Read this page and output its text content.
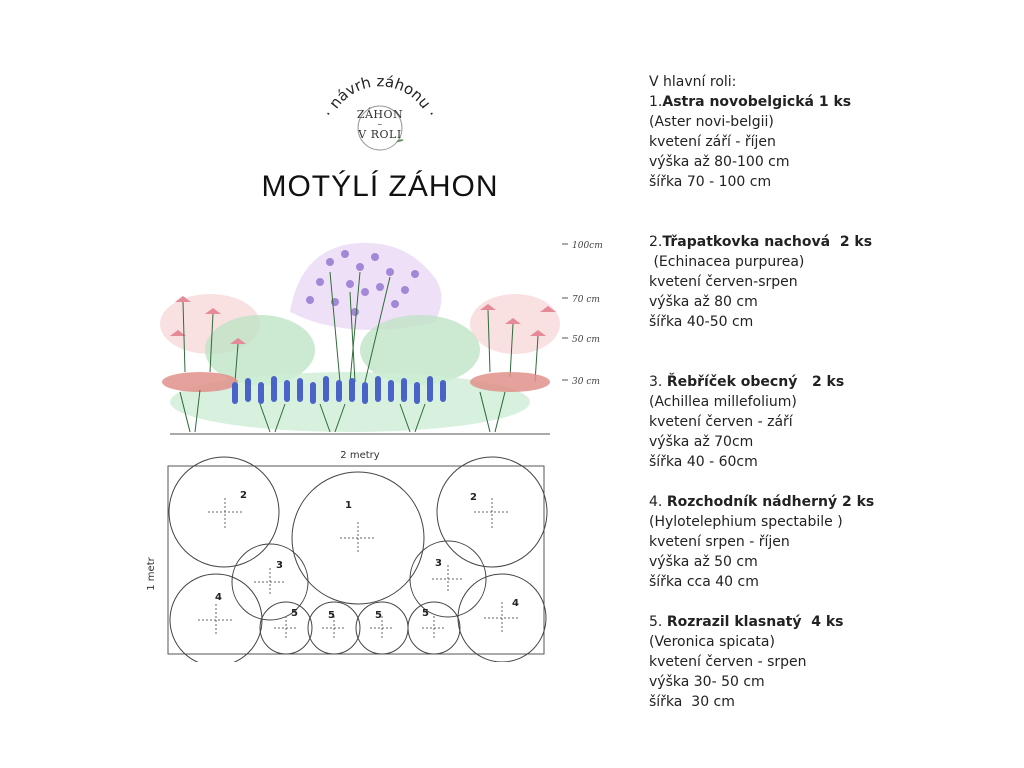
· návrh záhonu ·
ZÁHON
–
V ROLI
MOTÝLÍ ZÁHON
100cm
70 cm
50 cm
30 cm
2 metry
1 metr
2
1
2
3	3
4
4
5	5	5	5

V hlavní roli:

1.Astra novobelgická 1 ks
(Aster novi-belgii)
kvetení září - říjen
výška až 80-100 cm
šířka 70 - 100 cm
2.Třapatkovka nachová  2 ks
(Echinacea purpurea)
kvetení červen-srpen
výška až 80 cm
šířka 40-50 cm
3. Řebříček obecný   2 ks
(Achillea millefolium)
kvetení červen - září
výška až 70cm
šířka 40 - 60cm
4. Rozchodník nádherný 2 ks
(Hylotelephium spectabile )
kvetení srpen - říjen
výška až 50 cm
šířka cca 40 cm
5. Rozrazil klasnatý  4 ks
(Veronica spicata)
kvetení červen - srpen
výška 30- 50 cm
šířka  30 cm
